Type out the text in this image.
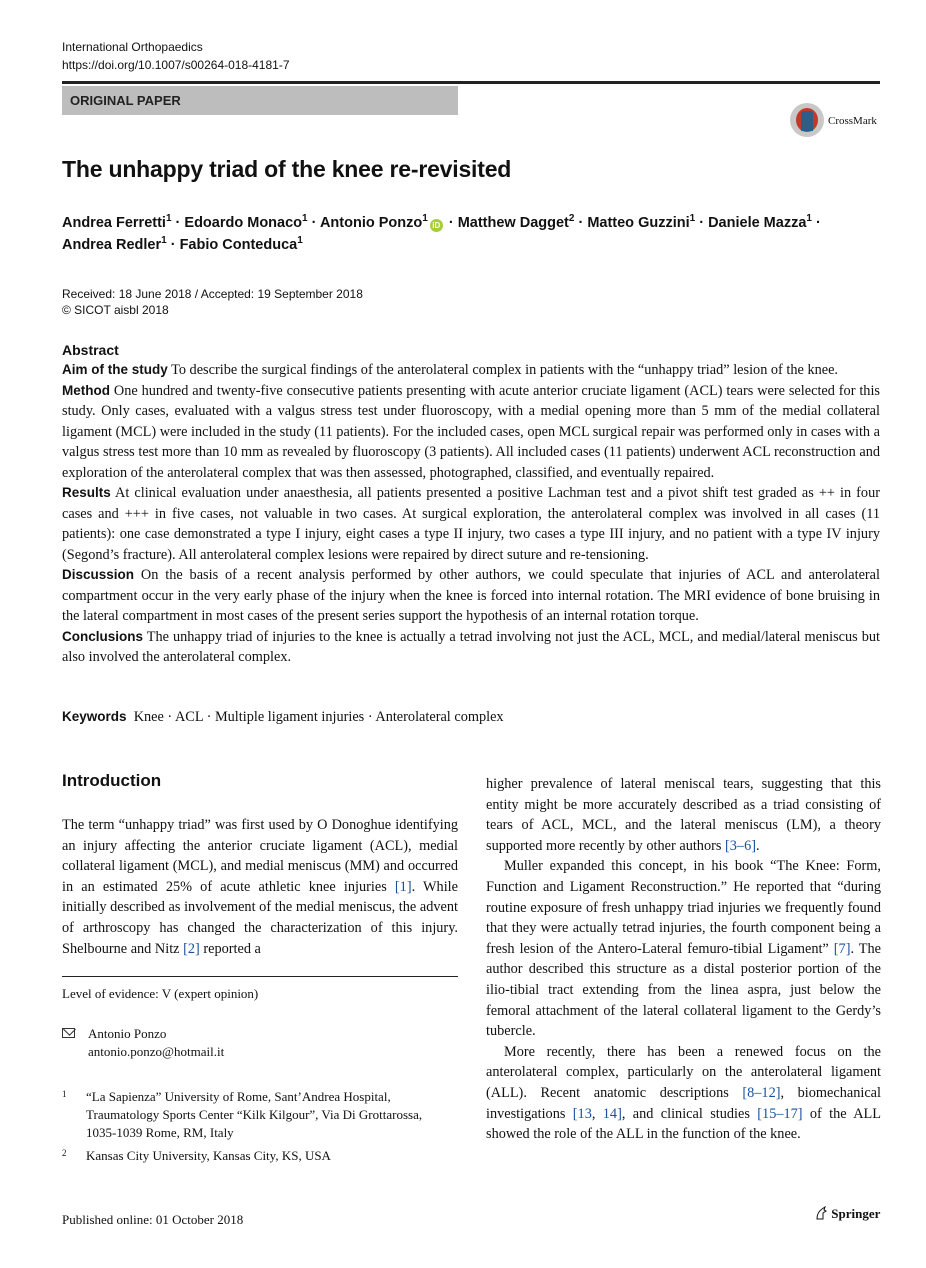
International Orthopaedics
https://doi.org/10.1007/s00264-018-4181-7
ORIGINAL PAPER
CrossMark
The unhappy triad of the knee re-revisited
Andrea Ferretti$^1$ · Edoardo Monaco$^1$ · Antonio Ponzo$^1$iD · Matthew Dagget$^2$ · Matteo Guzzini$^1$ · Daniele Mazza$^1$ ·
Andrea Redler$^1$ · Fabio Conteduca$^1$
Received: 18 June 2018 / Accepted: 19 September 2018
© SICOT aisbl 2018
Abstract

Aim of the study To describe the surgical findings of the anterolateral complex in patients with the “unhappy triad” lesion of the knee.

Method One hundred and twenty-five consecutive patients presenting with acute anterior cruciate ligament (ACL) tears were selected for this study. Only cases, evaluated with a valgus stress test under fluoroscopy, with a medial opening more than 5 mm of the medial collateral ligament (MCL) were included in the study (11 patients). For the included cases, open MCL surgical repair was performed only in cases with a valgus stress test more than 10 mm as revealed by fluoroscopy (3 patients). All included cases (11 patients) underwent ACL reconstruction and exploration of the anterolateral complex that was then assessed, photographed, classified, and eventually repaired.

Results At clinical evaluation under anaesthesia, all patients presented a positive Lachman test and a pivot shift test graded as ++ in four cases and +++ in five cases, not valuable in two cases. At surgical exploration, the anterolateral complex was involved in all cases (11 patients): one case demonstrated a type I injury, eight cases a type II injury, two cases a type III injury, and no patient with a type IV injury (Segond’s fracture). All anterolateral complex lesions were repaired by direct suture and re-tensioning.

Discussion On the basis of a recent analysis performed by other authors, we could speculate that injuries of ACL and anterolateral compartment occur in the very early phase of the injury when the knee is forced into internal rotation. The MRI evidence of bone bruising in the lateral compartment in most cases of the present series support the hypothesis of an internal rotation torque.

Conclusions The unhappy triad of injuries to the knee is actually a tetrad involving not just the ACL, MCL, and medial/lateral meniscus but also involved the anterolateral complex.

Keywords Knee · ACL · Multiple ligament injuries · Anterolateral complex
Introduction

The term “unhappy triad” was first used by O Donoghue identifying an injury affecting the anterior cruciate ligament (ACL), medial collateral ligament (MCL), and medial meniscus (MM) and occurred in an estimated 25% of acute athletic knee injuries [1]. While initially described as involvement of the medial meniscus, the advent of arthroscopy has changed the characterization of this injury. Shelbourne and Nitz [2] reported a

higher prevalence of lateral meniscal tears, suggesting that this entity might be more accurately described as a triad consisting of tears of ACL, MCL, and the lateral meniscus (LM), a theory supported more recently by other authors [3–6].

Muller expanded this concept, in his book “The Knee: Form, Function and Ligament Reconstruction.” He reported that “during routine exposure of fresh unhappy triad injuries we frequently found that they were actually tetrad injuries, the fourth component being a fresh lesion of the Antero-Lateral femuro-tibial Ligament” [7]. The author described this structure as a distal posterior portion of the ilio-tibial tract extending from the linea aspra, just below the femoral attachment of the lateral collateral ligament to the Gerdy’s tubercle.

More recently, there has been a renewed focus on the anterolateral complex, particularly on the anterolateral ligament (ALL). Recent anatomic descriptions [8–12], biomechanical investigations [13, 14], and clinical studies [15–17] of the ALL showed the role of the ALL in the function of the knee.

Level of evidence: V (expert opinion)
Antonio Ponzo
antonio.ponzo@hotmail.it
1 “La Sapienza” University of Rome, Sant’Andrea Hospital,
Traumatology Sports Center “Kilk Kilgour”, Via Di Grottarossa,
1035-1039 Rome, RM, Italy
2 Kansas City University, Kansas City, KS, USA
Published online: 01 October 2018	Springer
